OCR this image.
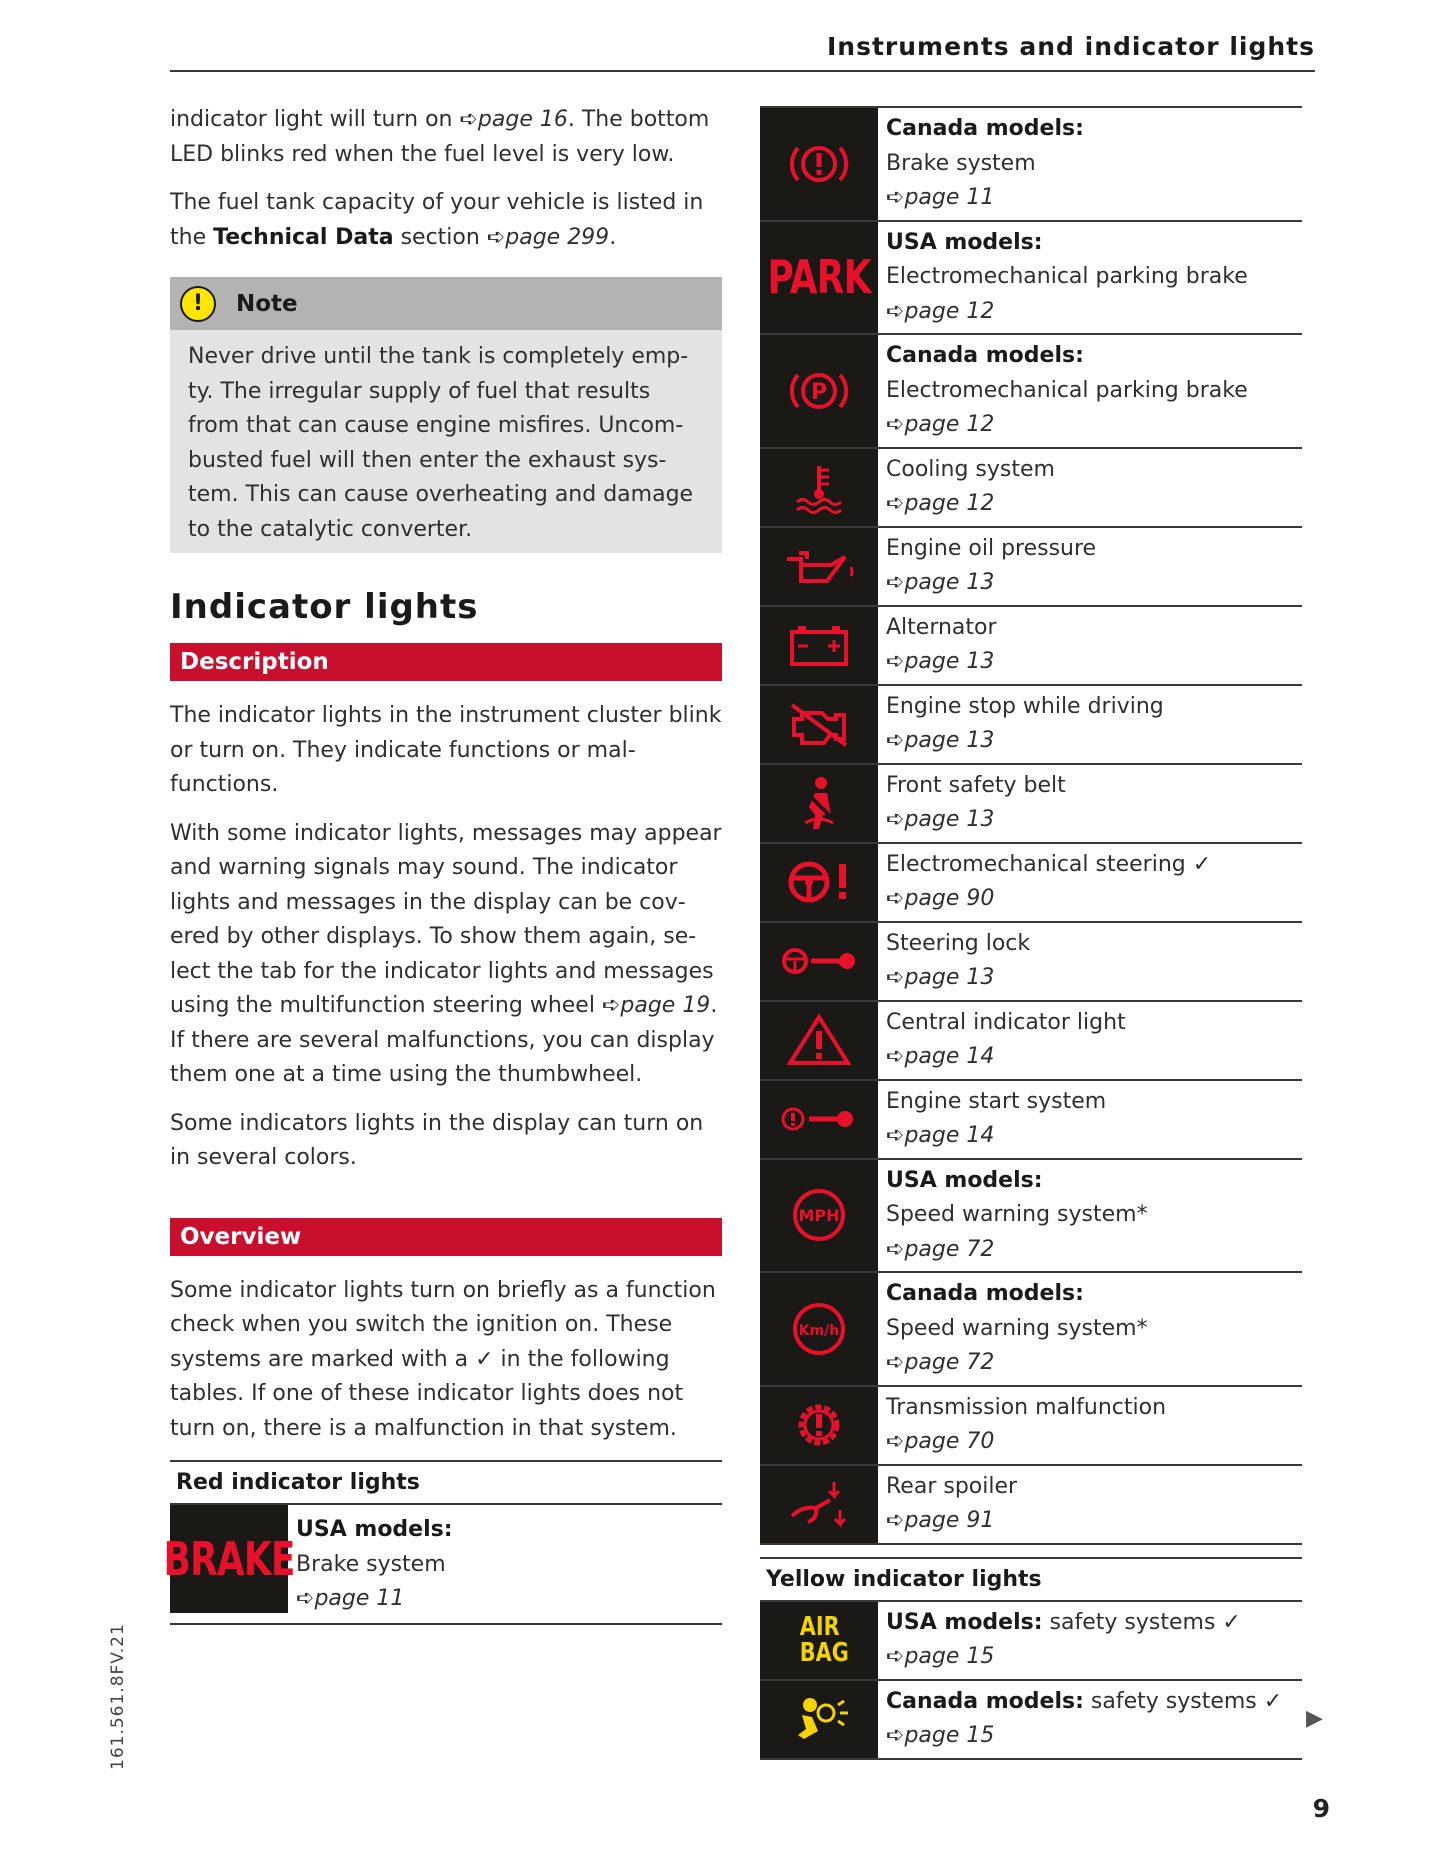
Instruments and indicator lights

indicator light will turn on ➪page 16. The bottom LED blinks red when the fuel level is very low.

The fuel tank capacity of your vehicle is listed in the Technical Data section ➪page 299.

!	Note
Never drive until the tank is completely empty. The irregular supply of fuel that results from that can cause engine misfires. Uncombusted fuel will then enter the exhaust system. This can cause overheating and damage to the catalytic converter.
Indicator lights
Description

The indicator lights in the instrument cluster blink or turn on. They indicate functions or malfunctions.

With some indicator lights, messages may appear and warning signals may sound. The indicator lights and messages in the display can be covered by other displays. To show them again, select the tab for the indicator lights and messages using the multifunction steering wheel ➪page 19. If there are several malfunctions, you can display them one at a time using the thumbwheel.

Some indicators lights in the display can turn on in several colors.

Overview

Some indicator lights turn on briefly as a function check when you switch the ignition on. These systems are marked with a ✓ in the following tables. If one of these indicator lights does not turn on, there is a malfunction in that system.

Red indicator lights
BRAKE
USA models:
Brake system
➪page 11
Canada models:
Brake system
➪page 11
PARK
USA models:
Electromechanical parking brake
➪page 12
P
Canada models:
Electromechanical parking brake
➪page 12
Cooling system
➪page 12
Engine oil pressure
➪page 13
Alternator
➪page 13
Engine stop while driving
➪page 13
Front safety belt
➪page 13
Electromechanical steering ✓
➪page 90
Steering lock
➪page 13
Central indicator light
➪page 14
Engine start system
➪page 14
MPH
USA models:
Speed warning system*
➪page 72
Km/h
Canada models:
Speed warning system*
➪page 72
Transmission malfunction
➪page 70
Rear spoiler
➪page 91
Yellow indicator lights
AIR
BAG
USA models: safety systems ✓
➪page 15
Canada models: safety systems ✓
➪page 15
161.561.8FV.21	▶
9
